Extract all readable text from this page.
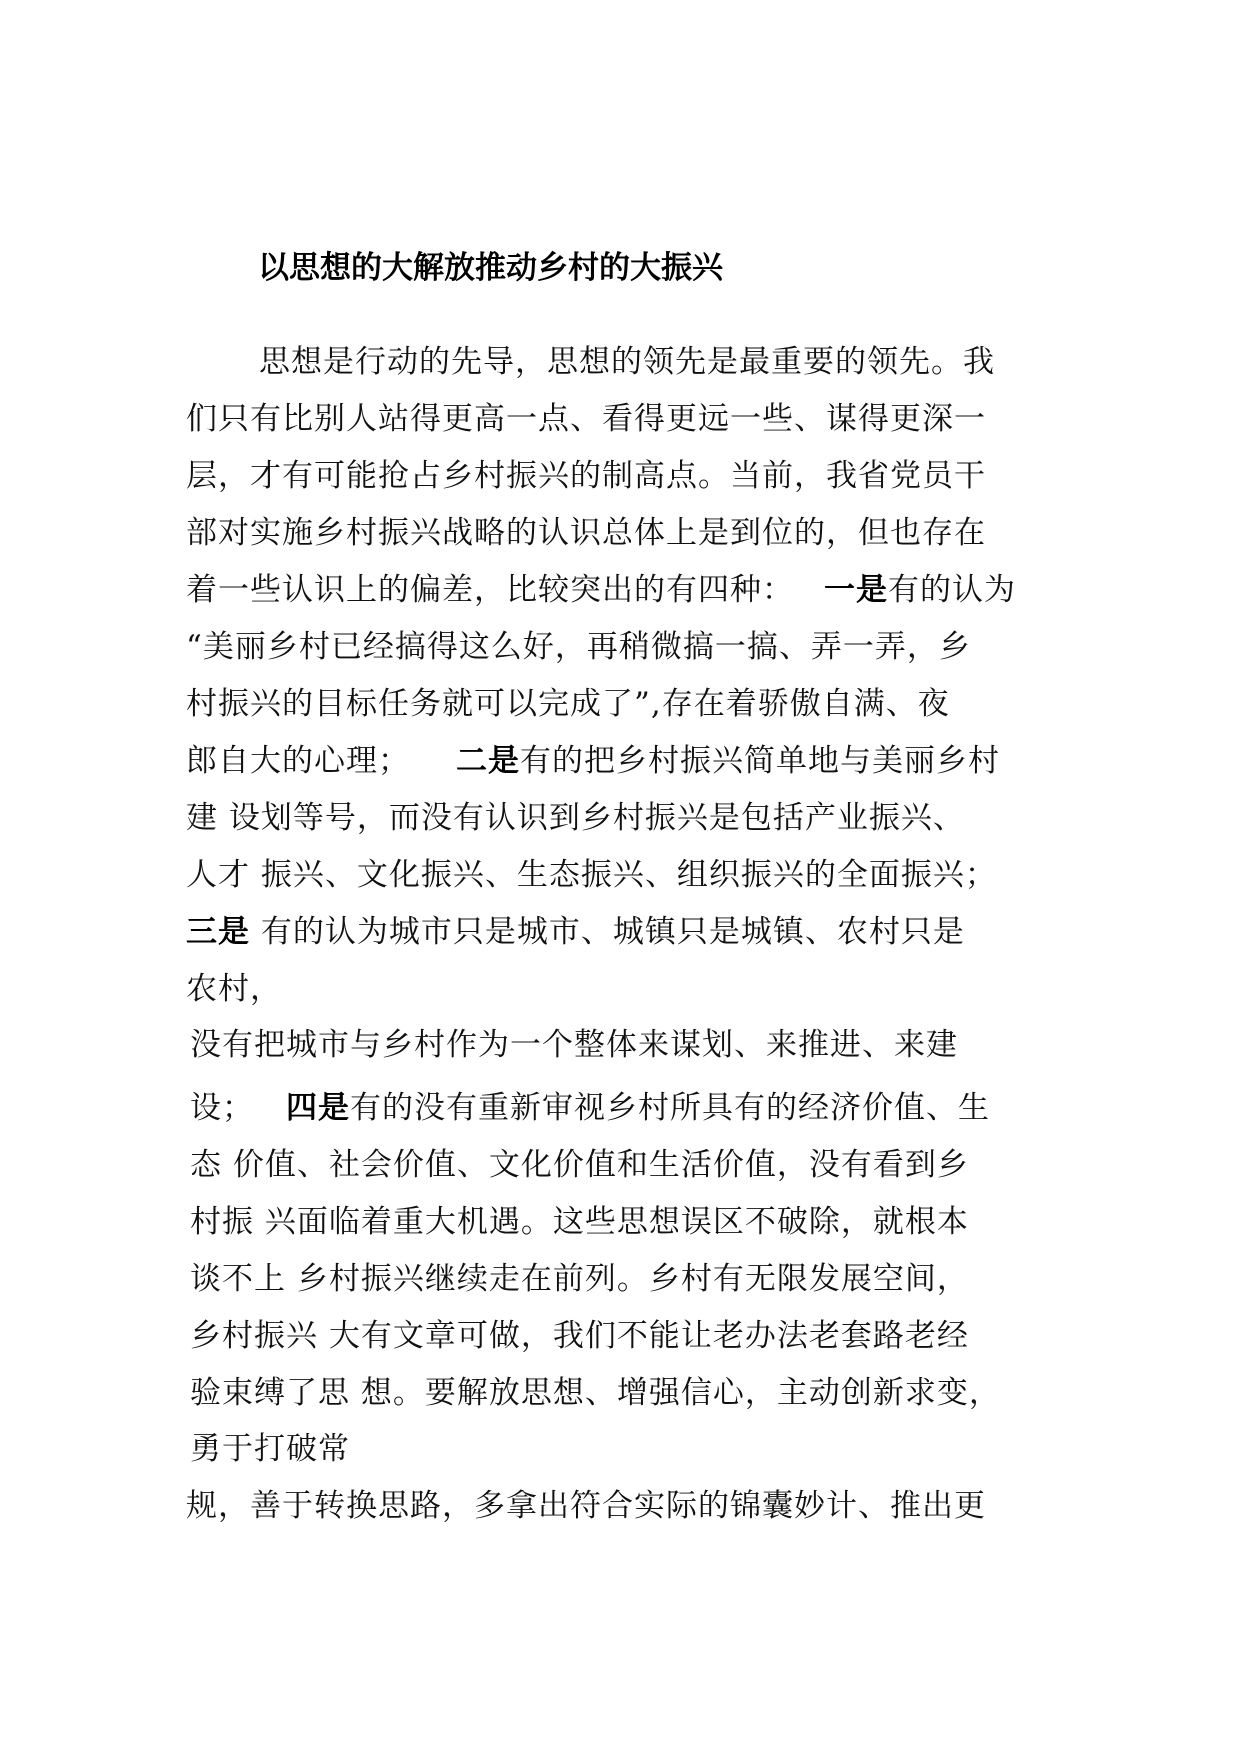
以思想的大解放推动乡村的大振兴

思想是行动的先导，思想的领先是最重要的领先。我

们只有比别人站得更高一点、看得更远一些、谋得更深一

层，才有可能抢占乡村振兴的制高点。当前，我省党员干

部对实施乡村振兴战略的认识总体上是到位的，但也存在

着一些认识上的偏差，比较突出的有四种： 一是有的认为

“美丽乡村已经搞得这么好，再稍微搞一搞、弄一弄，乡

村振兴的目标任务就可以完成了”,存在着骄傲自满、夜

郎自大的心理； 二是有的把乡村振兴简单地与美丽乡村

建 设划等号，而没有认识到乡村振兴是包括产业振兴、

人才 振兴、文化振兴、生态振兴、组织振兴的全面振兴；

三是 有的认为城市只是城市、城镇只是城镇、农村只是

农村，

没有把城市与乡村作为一个整体来谋划、来推进、来建

设； 四是有的没有重新审视乡村所具有的经济价值、生

态 价值、社会价值、文化价值和生活价值，没有看到乡

村振 兴面临着重大机遇。这些思想误区不破除，就根本

谈不上 乡村振兴继续走在前列。乡村有无限发展空间，

乡村振兴 大有文章可做，我们不能让老办法老套路老经

验束缚了思 想。要解放思想、增强信心，主动创新求变，

勇于打破常

规，善于转换思路，多拿出符合实际的锦囊妙计、推出更
